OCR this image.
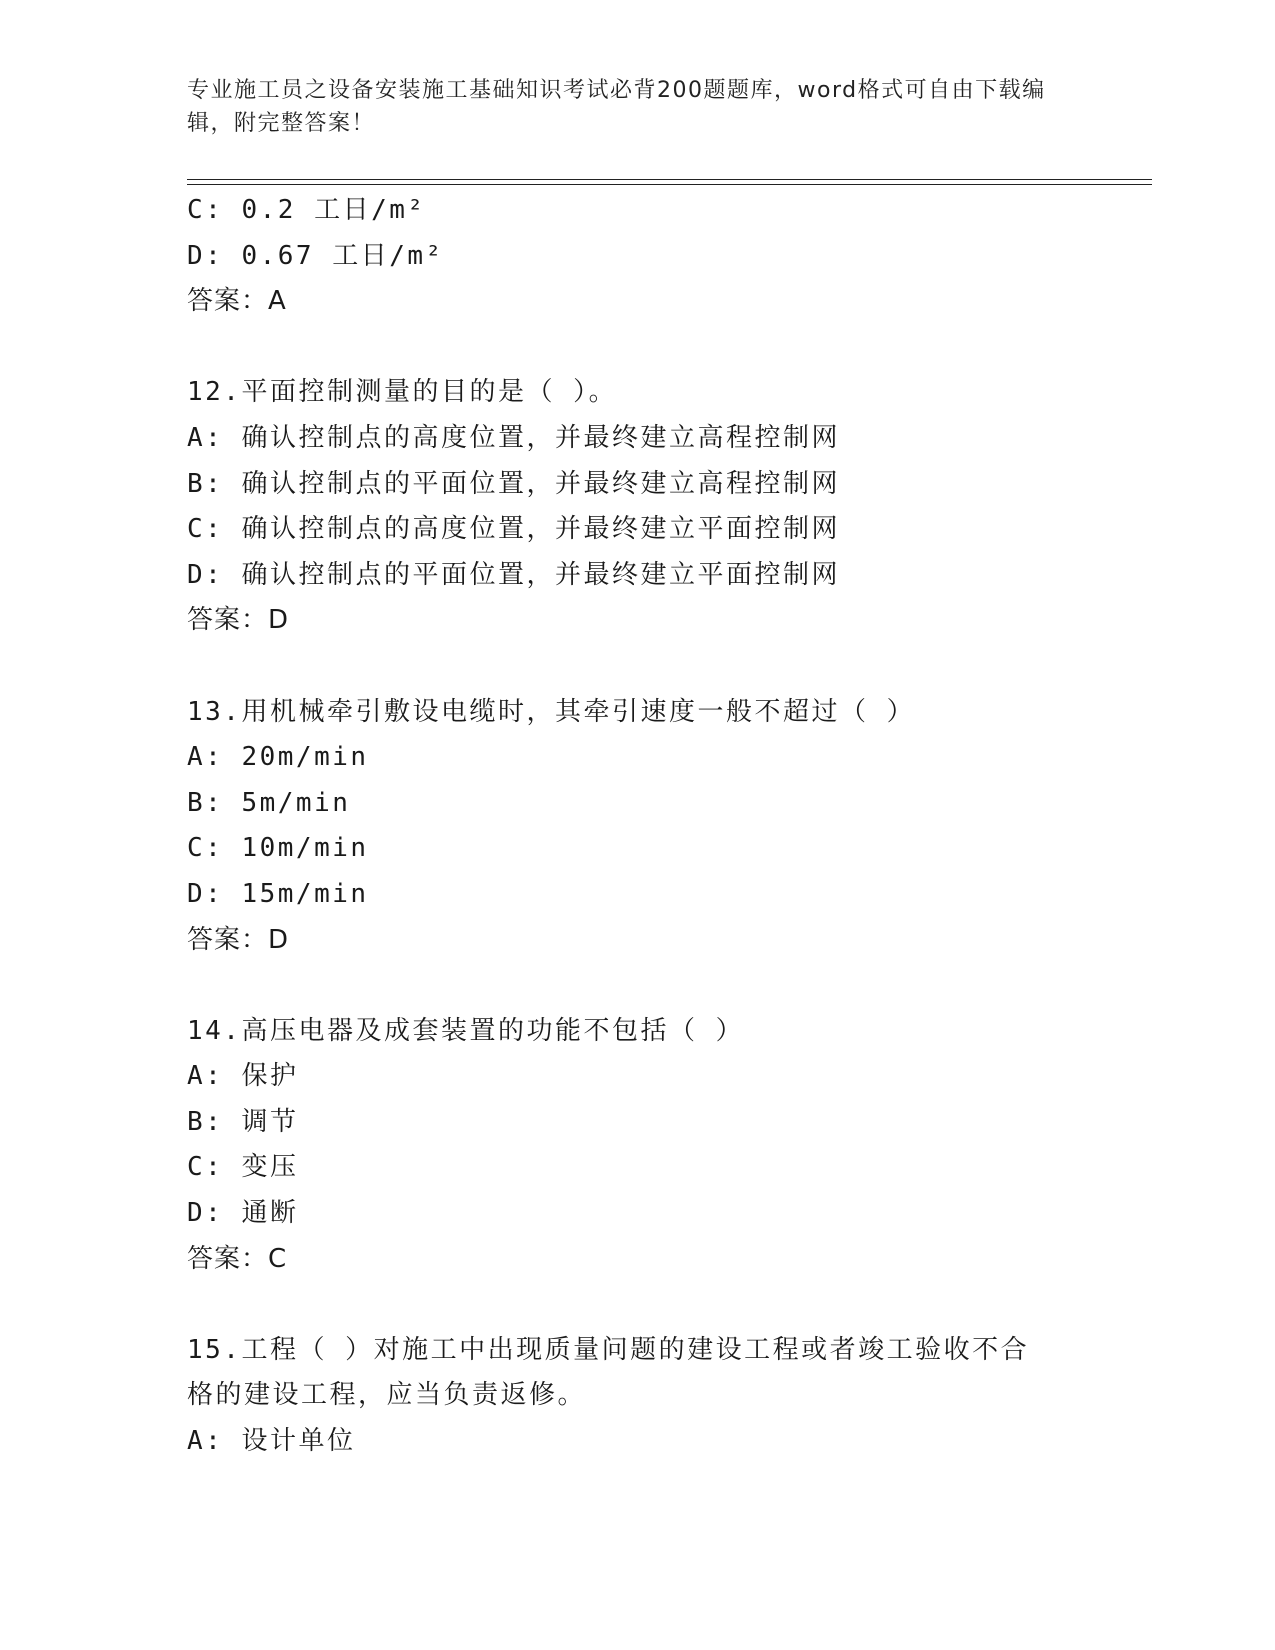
专业施工员之设备安装施工基础知识考试必背200题题库，word格式可自由下载编辑，附完整答案！
C: 0.2 工日/m²
D: 0.67 工日/m²
答案：A
12.平面控制测量的目的是（ ）。
A: 确认控制点的高度位置，并最终建立高程控制网
B: 确认控制点的平面位置，并最终建立高程控制网
C: 确认控制点的高度位置，并最终建立平面控制网
D: 确认控制点的平面位置，并最终建立平面控制网
答案：D
13.用机械牵引敷设电缆时，其牵引速度一般不超过（ ）
A: 20m/min
B: 5m/min
C: 10m/min
D: 15m/min
答案：D
14.高压电器及成套装置的功能不包括（ ）
A: 保护
B: 调节
C: 变压
D: 通断
答案：C
15.工程（ ）对施工中出现质量问题的建设工程或者竣工验收不合格的建设工程，应当负责返修。
A: 设计单位
